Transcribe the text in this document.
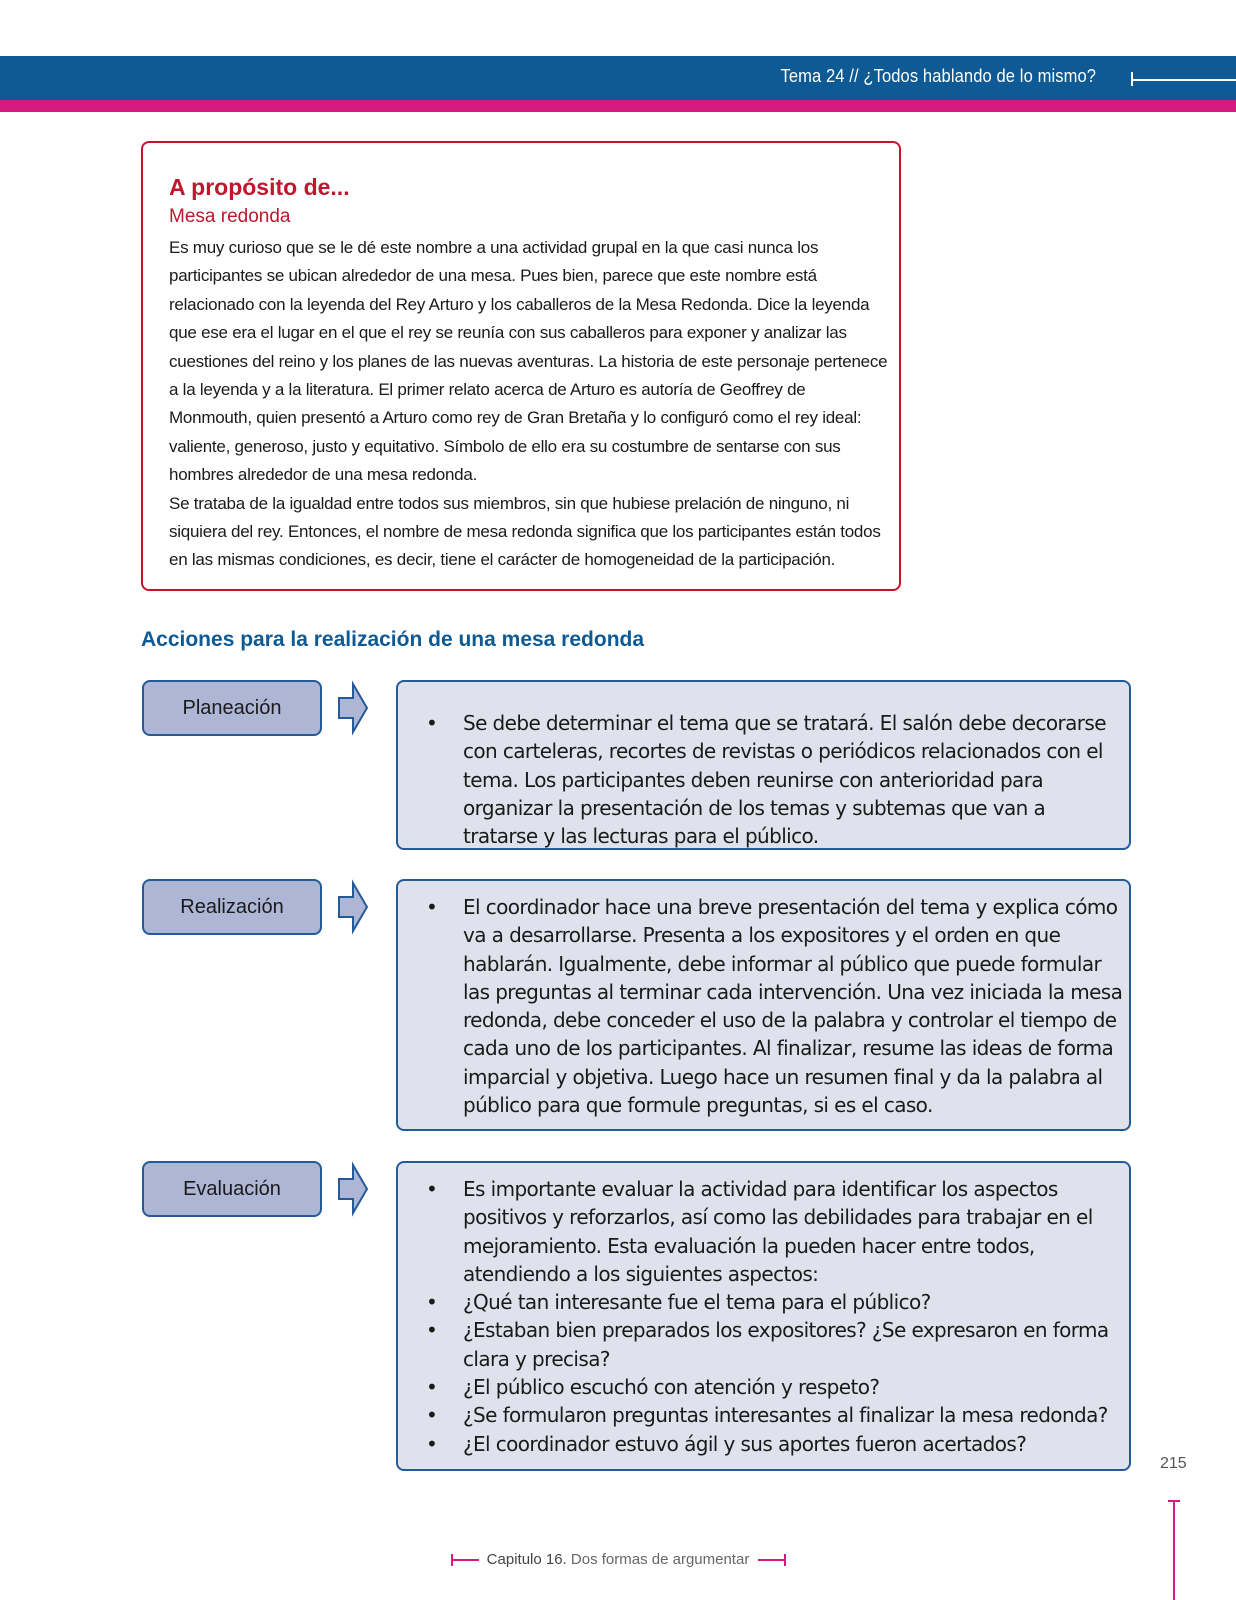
Tema 24 // ¿Todos hablando de lo mismo?
A propósito de...
Mesa redonda

Es muy curioso que se le dé este nombre a una actividad grupal en la que casi nunca los participantes se ubican alrededor de una mesa. Pues bien, parece que este nombre está relacionado con la leyenda del Rey Arturo y los caballeros de la Mesa Redonda. Dice la leyenda que ese era el lugar en el que el rey se reunía con sus caballeros para exponer y analizar las cuestiones del reino y los planes de las nuevas aventuras. La historia de este personaje pertenece a la leyenda y a la literatura. El primer relato acerca de Arturo es autoría de Geoffrey de Monmouth, quien presentó a Arturo como rey de Gran Bretaña y lo configuró como el rey ideal: valiente, generoso, justo y equitativo. Símbolo de ello era su costumbre de sentarse con sus hombres alrededor de una mesa redonda.

Se trataba de la igualdad entre todos sus miembros, sin que hubiese prelación de ninguno, ni siquiera del rey. Entonces, el nombre de mesa redonda significa que los participantes están todos en las mismas condiciones, es decir, tiene el carácter de homogeneidad de la participación.

Acciones para la realización de una mesa redonda
Planeación
• Se debe determinar el tema que se tratará. El salón debe decorarse con carteleras, recortes de revistas o periódicos relacionados con el tema. Los participantes deben reunirse con anterioridad para organizar la presentación de los temas y subtemas que van a tratarse y las lecturas para el público.
Realización	• El coordinador hace una breve presentación del tema y explica cómo va a desarrollarse. Presenta a los expositores y el orden en que hablarán. Igualmente, debe informar al público que puede formular las preguntas al terminar cada intervención. Una vez iniciada la mesa redonda, debe conceder el uso de la palabra y controlar el tiempo de cada uno de los participantes. Al finalizar, resume las ideas de forma imparcial y objetiva. Luego hace un resumen final y da la palabra al público para que formule preguntas, si es el caso.
Evaluación	• Es importante evaluar la actividad para identificar los aspectos positivos y reforzarlos, así como las debilidades para trabajar en el mejoramiento. Esta evaluación la pueden hacer entre todos, atendiendo a los siguientes aspectos:
• ¿Qué tan interesante fue el tema para el público?
• ¿Estaban bien preparados los expositores? ¿Se expresaron en forma clara y precisa?
• ¿El público escuchó con atención y respeto?
• ¿Se formularon preguntas interesantes al finalizar la mesa redonda?
• ¿El coordinador estuvo ágil y sus aportes fueron acertados?
215
Capitulo 16. Dos formas de argumentar
